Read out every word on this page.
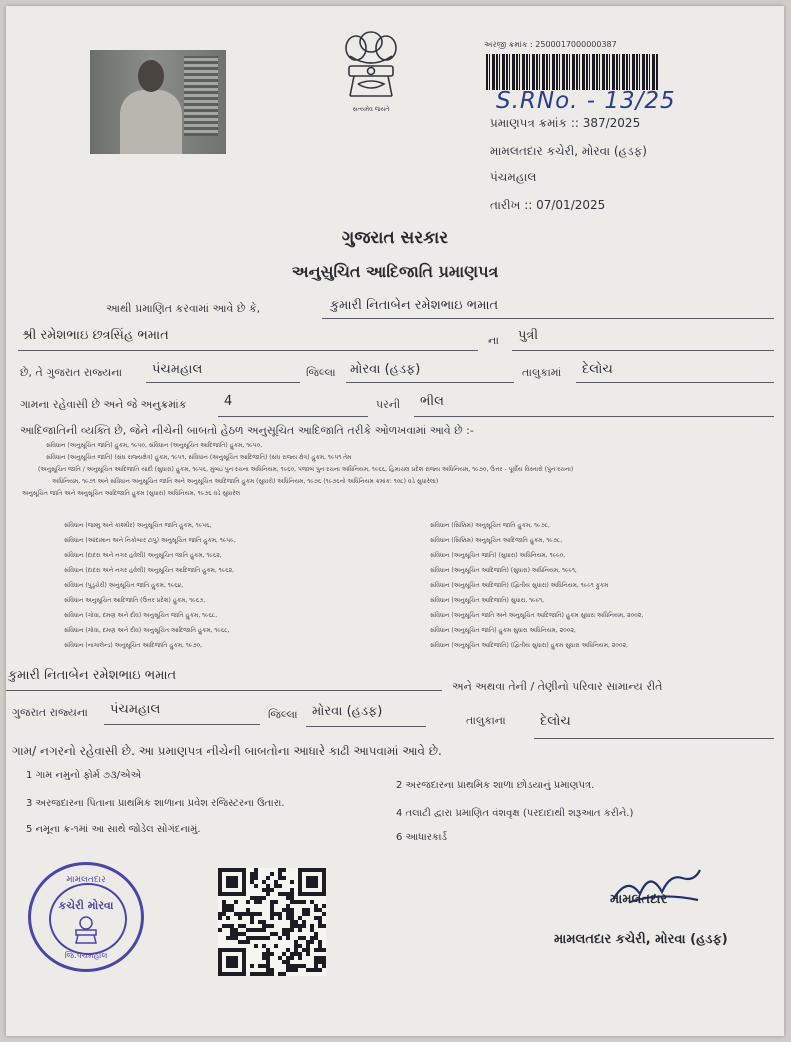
સત્યમેવ જયતે
અરજી ક્રમાંક : 2500017000000387
S.RNo. - 13/25
પ્રમાણપત્ર ક્રમાંક :: 387/2025
મામલતદાર કચેરી, મોરવા (હડફ)
પંચમહાલ
તારીખ :: 07/01/2025
ગુજરાત સરકાર
અનુસુચિત આદિજાતિ પ્રમાણપત્ર
આથી પ્રમાણિત કરવામાં આવે છે કે,	કુમારી નિતાબેન રમેશભાઇ ભમાત
શ્રી રમેશભાઇ છત્રસિંહ ભમાત	ના પુત્રી
છે, તે ગુજરાત રાજ્યના પંચમહાલ	જિલ્લા મોરવા (હડફ)	તાલુકામાં દેલોચ
ગામના રહેવાસી છે અને જે અનુક્રમાંક	4	પરની ભીલ
આદિજાતિની વ્યક્તિ છે, જેને નીચેની બાબતો હેઠળ અનુસૂચિત આદિજાતિ તરીકે ઓળખવામાં આવે છે :-
સંવિધાન (અનુસૂચિત જાતિ) હુકમ, ૧૯૫૦, સંવિધાન (અનુસૂચિત આદિજાતિ) હુકમ, ૧૯૫૦,
સંવિધાન (અનુસૂચિત જાતિ) (સંઘ રાજ્યક્ષેત્ર) હુકમ, ૧૯૫૧, સંવિધાન (અનુસૂચિત આદિજાતિ) (સંઘ રાજ્ય ક્ષેત્ર) હુકમ, ૧૯૫૧ તેમ
(અનુસૂચિત જાતિ / અનુસૂચિત આદિજાતિ યાદી (સુધારા) હુકમ, ૧૯૫૬, મુંબઇ પુનઃરચના અધિનિયમ, ૧૯૬૦, પંજાબ પુનઃરચના અધિનિયમ, ૧૯૬૬, હિમાચલ પ્રદેશ રાજ્ય અધિનિયમ, ૧૯૭૦, ઉત્તર - પૂર્વીય વિસ્તારો (પુનઃરચના)
અધિનિયમ, ૧૯૭૧ અને સંવિધાન અનુસૂચિત જાતિ અને અનુસૂચિત આદિજાતિ હુકમ (સુધારો) અધિનિયમ, ૧૯૭૬ (૧૯૭૬નો અધિનિયમ ક્રમાંક: ૧૦૮) વડે સુધારેલા)
અનુસૂચિત જાતિ અને અનુસૂચિત આદિજાતિ હુકમ (સુધારા) અધિનિયમ, ૧૯૭૬ વડે સુધારેલ
સંવિધાન (જમ્મુ અને કાશ્મીર) અનુસૂચિત જાતિ હુકમ, ૧૯૫૬,
સંવિધાન (આંદામાન અને નિકોબાર ટાપુ) અનુસૂચિત જાતિ હુકમ, ૧૯૫૯,
સંવિધાન (દાદરા અને નગર હવેલી) અનુસૂચિત જાતિ હુકમ, ૧૯૬૨,
સંવિધાન (દાદરા અને નગર હવેલી) અનુસૂચિત આદિજાતિ હુકમ, ૧૯૬૨,
સંવિધાન (પુડુચેરી) અનુસૂચિત જાતિ હુકમ, ૧૯૬૪,
સંવિધાન અનુસૂચિત આદિજાતિ (ઉત્તર પ્રદેશ) હુકમ, ૧૯૬૭,
સંવિધાન (ગોવા, દમણ અને દીવ) અનુસૂચિત જાતિ હુકમ, ૧૯૬૮,
સંવિધાન (ગોવા, દમણ અને દીવ) અનુસૂચિત આદિજાતિ હુકમ, ૧૯૬૮,
સંવિધાન (નાગાલેન્ડ) અનુસૂચિત આદિજાતિ હુકમ, ૧૯૭૦,
સંવિધાન (સિક્કિમ) અનુસૂચિત જાતિ હુકમ, ૧૯૭૮,
સંવિધાન (સિક્કિમ) અનુસૂચિત આદિજાતિ હુકમ, ૧૯૭૮,
સંવિધાન (અનુસૂચિત જાતિ) (સુધારા) અધિનિયમ, ૧૯૯૦,
સંવિધાન (અનુસૂચિત આદિજાતિ) (સુધારા) અધિનિયમ, ૧૯૯૧,
સંવિધાન (અનુસૂચિત આદિજાતિ) (દ્વિતીય સુધારા) અધિનિયમ, ૧૯૯૧ ફુકમ
સંવિધાન (અનુસૂચિત આદિજાતિ) સુધારા, ૧૯૯૧,
સંવિધાન (અનુસૂચિત જાતિ અને અનુસૂચિત આદિજાતિ) હુકમ સુધારા અધિનિયમ, ૨૦૦૨,
સંવિધાન (અનુસૂચિત જાતિ) હુકમ સુધારા અધિનિયમ, ૨૦૦૨,
સંવિધાન (અનુસૂચિત આદિજાતિ) (દ્વિતીય સુધારા) હુકમ સુધારા અધિનિયમ, ૨૦૦૨,
કુમારી નિતાબેન રમેશભાઇ ભમાત
અને અથવા તેની / તેણીનો પરિવાર સામાન્ય રીતે
ગુજરાત રાજ્યના પંચમહાલ	જિલ્લા મોરવા (હડફ)
તાલુકાના	દેલોચ
ગામ/ નગરનો રહેવાસી છે. આ પ્રમાણપત્ર નીચેની બાબતોના આધારે કાઢી આપવામાં આવે છે.
1 ગામ નમુનો ફોર્મ ૭૩/એએ
2 અરજદારના પ્રાથમિક શાળા છોડયાનું પ્રમાણપત્ર.
3 અરજદારના પિતાના પ્રાથમિક શાળાના પ્રવેશ રજિસ્ટરના ઉતારા.
4 તલાટી દ્વારા પ્રમાણિત વંશવૃક્ષ (પરદાદાથી શરૂઆત કરીને.)
5 નમૂના ક્ર-૧માં આ સાથે જોડેલ સોગંદનામું.
6 આધારકાર્ડ
મામલતદાર
કચેરી મોરવા
જિ.પંચમહાલ
મામલતદાર
મામલતદાર કચેરી, મોરવા (હડફ)
